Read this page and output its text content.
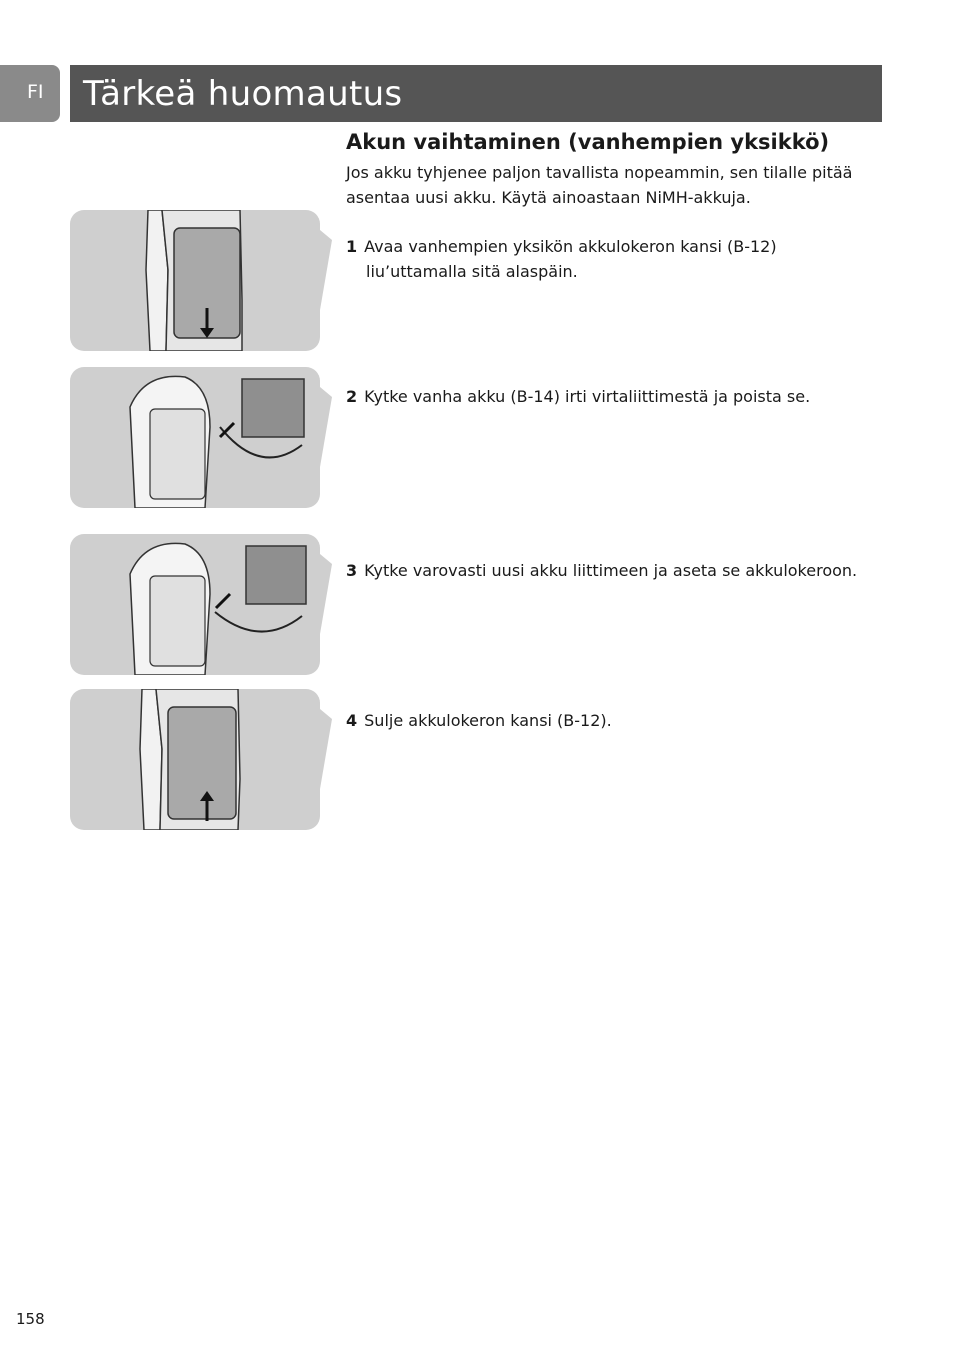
FI Tärkeä huomautus
Akun vaihtaminen (vanhempien yksikkö)

Jos akku tyhjenee paljon tavallista nopeammin, sen tilalle pitää asentaa uusi akku. Käytä ainoastaan NiMH-akkuja.

1 Avaa vanhempien yksikön akkulokeron kansi (B-12)
liu’uttamalla sitä alaspäin.

2 Kytke vanha akku (B-14) irti virtaliittimestä ja poista se.

3 Kytke varovasti uusi akku liittimeen ja aseta se akkulokeroon.

4 Sulje akkulokeron kansi (B-12).

158
